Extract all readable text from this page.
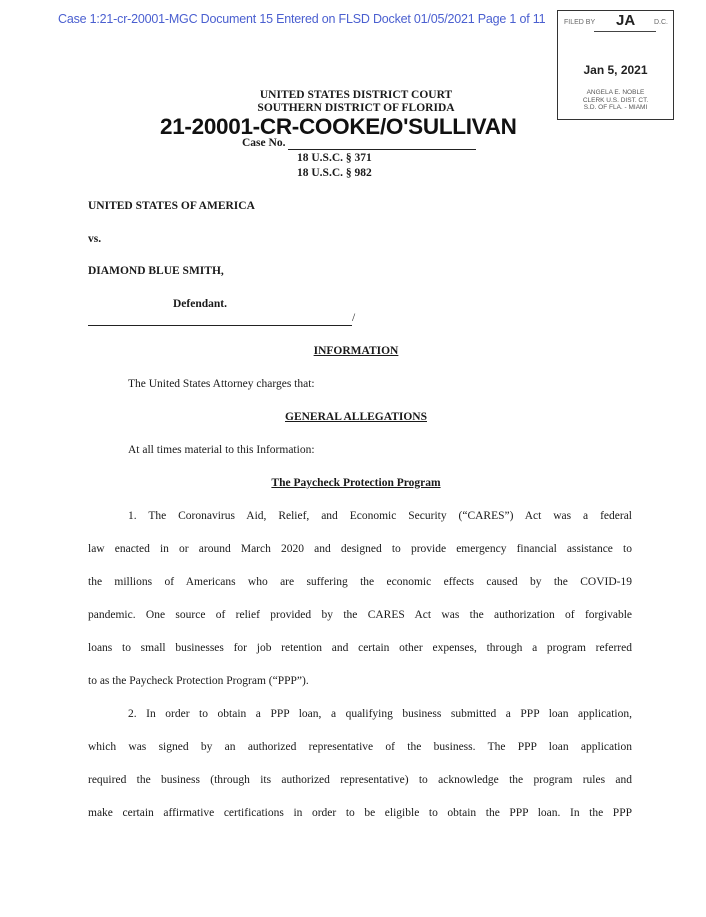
Case 1:21-cr-20001-MGC Document 15 Entered on FLSD Docket 01/05/2021 Page 1 of 11	FILED BY JA	D.C.
Jan 5, 2021
ANGELA E. NOBLE
CLERK U.S. DIST. CT.
S.D. OF FLA. - MIAMI
UNITED STATES DISTRICT COURT
SOUTHERN DISTRICT OF FLORIDA
21-20001-CR-COOKE/O'SULLIVAN
Case No.
18 U.S.C. § 371
18 U.S.C. § 982
UNITED STATES OF AMERICA
vs.
DIAMOND BLUE SMITH,
Defendant.
/
INFORMATION
The United States Attorney charges that:
GENERAL ALLEGATIONS
At all times material to this Information:
The Paycheck Protection Program
1. The Coronavirus Aid, Relief, and Economic Security (“CARES”) Act was a federal
law enacted in or around March 2020 and designed to provide emergency financial assistance to
the millions of Americans who are suffering the economic effects caused by the COVID-19
pandemic. One source of relief provided by the CARES Act was the authorization of forgivable
loans to small businesses for job retention and certain other expenses, through a program referred
to as the Paycheck Protection Program (“PPP”).
2. In order to obtain a PPP loan, a qualifying business submitted a PPP loan application,
which was signed by an authorized representative of the business. The PPP loan application
required the business (through its authorized representative) to acknowledge the program rules and
make certain affirmative certifications in order to be eligible to obtain the PPP loan. In the PPP
